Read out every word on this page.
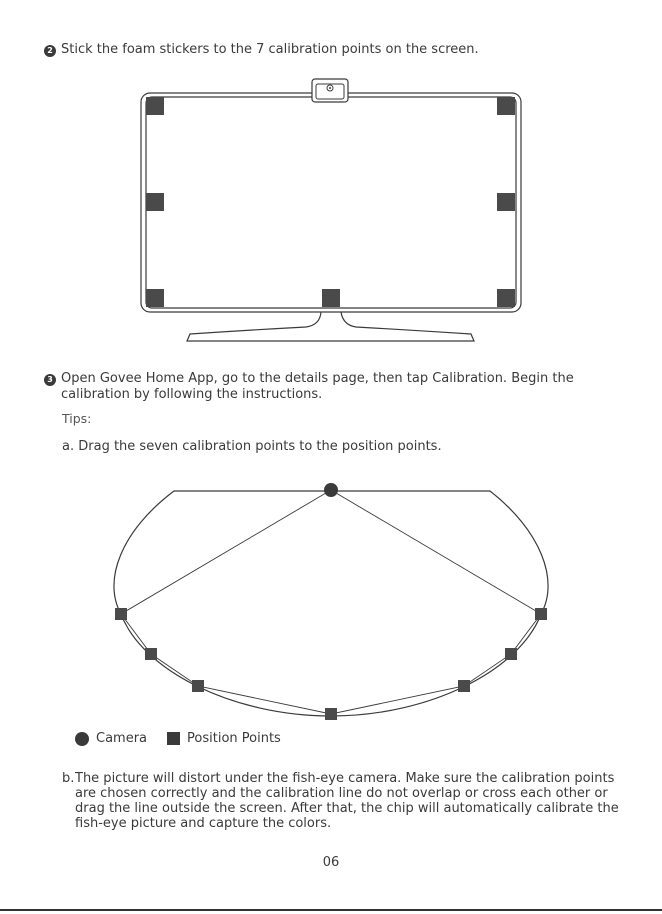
2 Stick the foam stickers to the 7 calibration points on the screen.
3 Open Govee Home App, go to the details page, then tap Calibration. Begin the calibration by following the instructions.
Tips:
a. Drag the seven calibration points to the position points.
Camera	Position Points
b. The picture will distort under the fish-eye camera. Make sure the calibration points are chosen correctly and the calibration line do not overlap or cross each other or drag the line outside the screen. After that, the chip will automatically calibrate the fish-eye picture and capture the colors.
06
